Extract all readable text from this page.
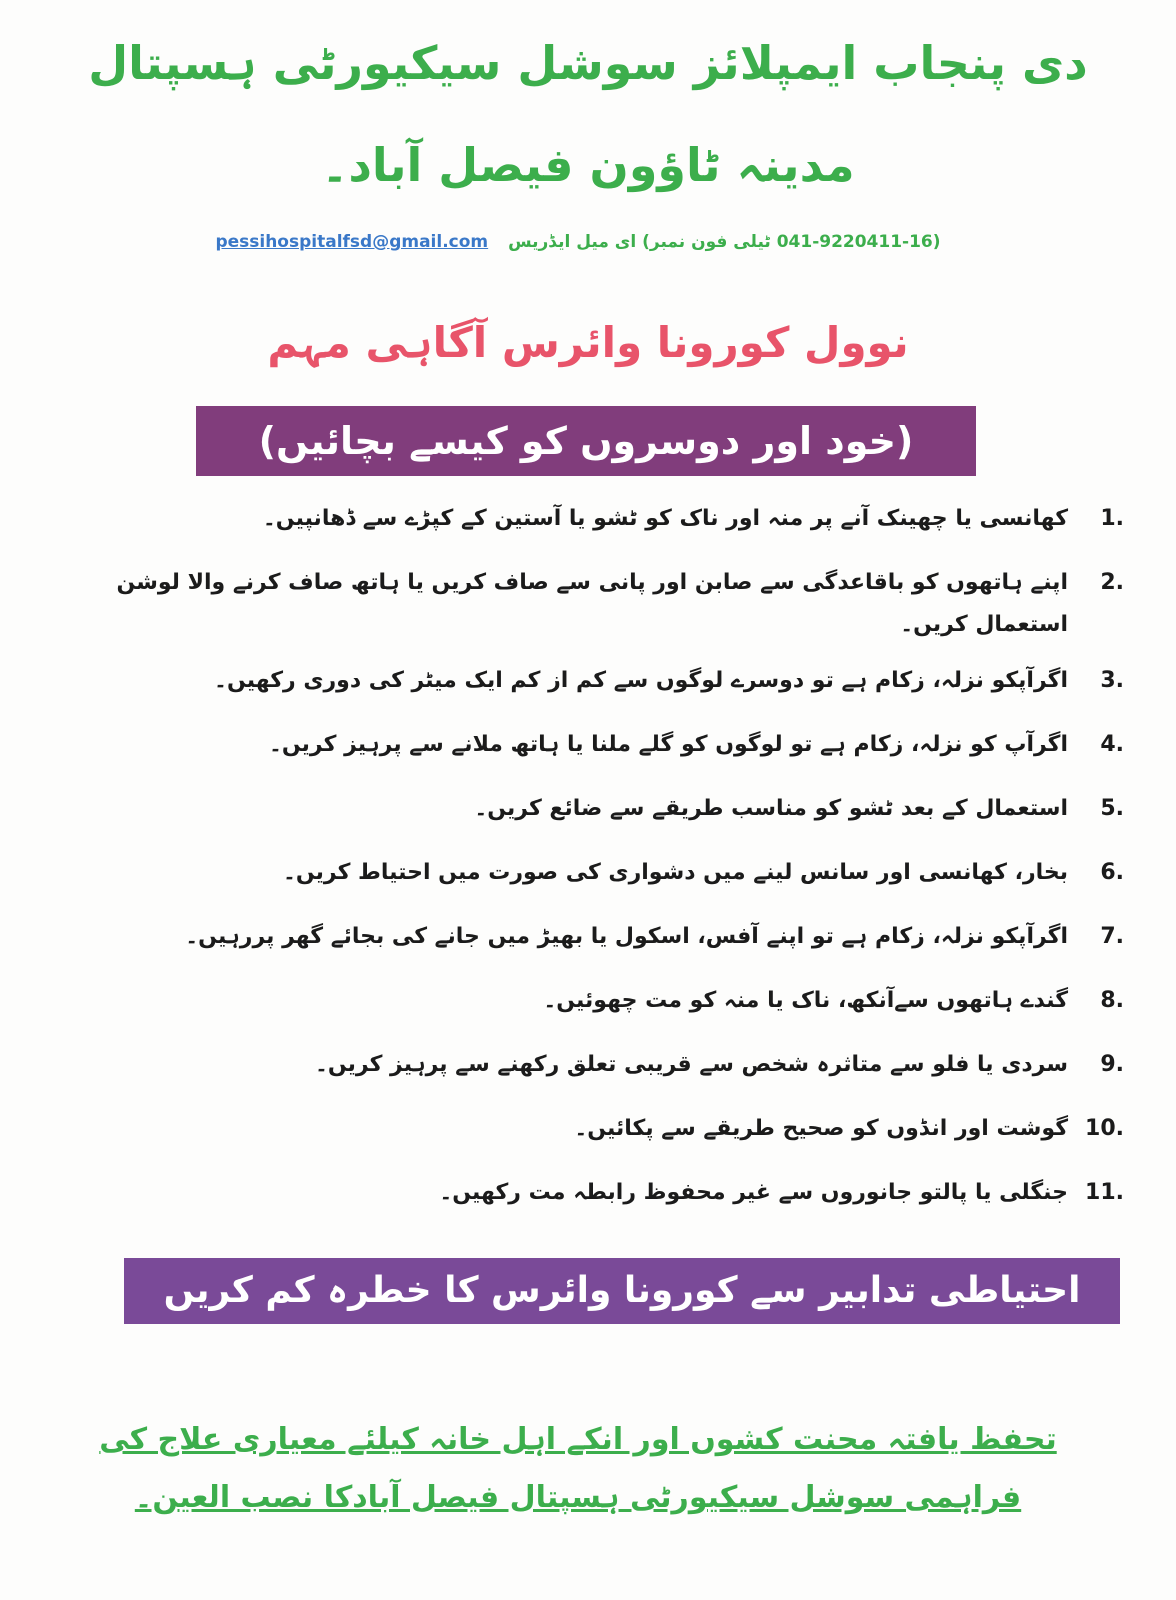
دی پنجاب ایمپلائز سوشل سیکیورٹی ہسپتال
مدینہ ٹاؤون فیصل آباد۔
pessihospitalfsd@gmail.com (041-9220411-16 ٹیلی فون نمبر) ای میل ایڈریس
نوول کورونا وائرس آگاہی مہم
(خود اور دوسروں کو کیسے بچائیں)
1.
کھانسی یا چھینک آنے پر منہ اور ناک کو ٹشو یا آستین کے کپڑے سے ڈھانپیں۔
2.
اپنے ہاتھوں کو باقاعدگی سے صابن اور پانی سے صاف کریں یا ہاتھ صاف کرنے والا لوشن استعمال کریں۔
3.
اگرآپکو نزلہ، زکام ہے تو دوسرے لوگوں سے کم از کم ایک میٹر کی دوری رکھیں۔
4.
اگرآپ کو نزلہ، زکام ہے تو لوگوں کو گلے ملنا یا ہاتھ ملانے سے پرہیز کریں۔
5.
استعمال کے بعد ٹشو کو مناسب طریقے سے ضائع کریں۔
6.
بخار، کھانسی اور سانس لینے میں دشواری کی صورت میں احتیاط کریں۔
7.
اگرآپکو نزلہ، زکام ہے تو اپنے آفس، اسکول یا بھیڑ میں جانے کی بجائے گھر پررہیں۔
8.
گندے ہاتھوں سےآنکھ، ناک یا منہ کو مت چھوئیں۔
9.
سردی یا فلو سے متاثرہ شخص سے قریبی تعلق رکھنے سے پرہیز کریں۔
10.
گوشت اور انڈوں کو صحیح طریقے سے پکائیں۔
11.
جنگلی یا پالتو جانوروں سے غیر محفوظ رابطہ مت رکھیں۔
احتیاطی تدابیر سے کورونا وائرس کا خطرہ کم کریں
تحفظ یافتہ محنت کشوں اور انکے اہل خانہ کیلئے معیاری علاج کی
فراہمی سوشل سیکیورٹی ہسپتال فیصل آبادکا نصب العین۔
